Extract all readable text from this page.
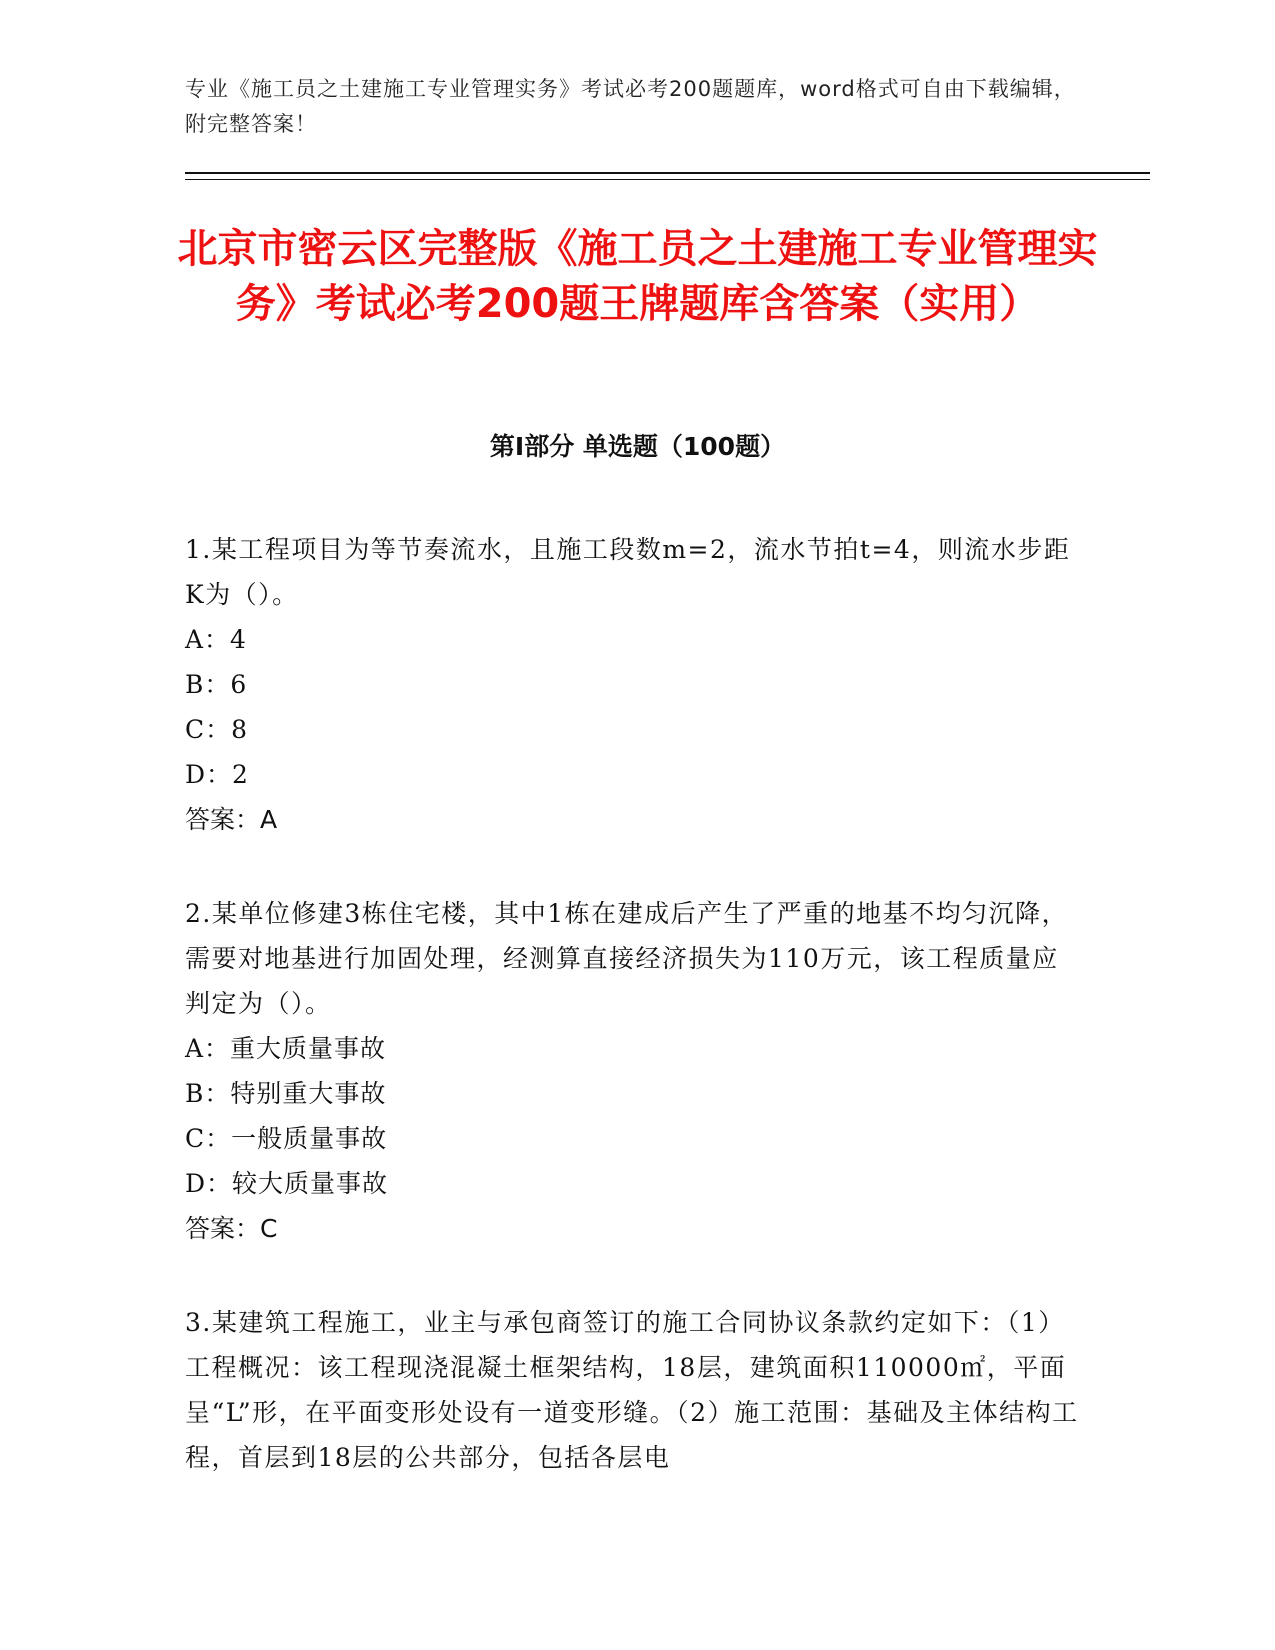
专业《施工员之土建施工专业管理实务》考试必考200题题库，word格式可自由下载编辑，附完整答案！
北京市密云区完整版《施工员之土建施工专业管理实务》考试必考200题王牌题库含答案（实用）
第Ⅰ部分 单选题（100题）

1.某工程项目为等节奏流水，且施工段数m=2，流水节拍t=4，则流水步距K为（）。

A：4

B：6

C：8

D：2

答案：A

2.某单位修建3栋住宅楼，其中1栋在建成后产生了严重的地基不均匀沉降，需要对地基进行加固处理，经测算直接经济损失为110万元，该工程质量应判定为（）。

A：重大质量事故

B：特别重大事故

C：一般质量事故

D：较大质量事故

答案：C

3.某建筑工程施工，业主与承包商签订的施工合同协议条款约定如下：（1）工程概况：该工程现浇混凝土框架结构，18层，建筑面积110000㎡，平面呈“L”形，在平面变形处设有一道变形缝。（2）施工范围：基础及主体结构工程，首层到18层的公共部分，包括各层电
